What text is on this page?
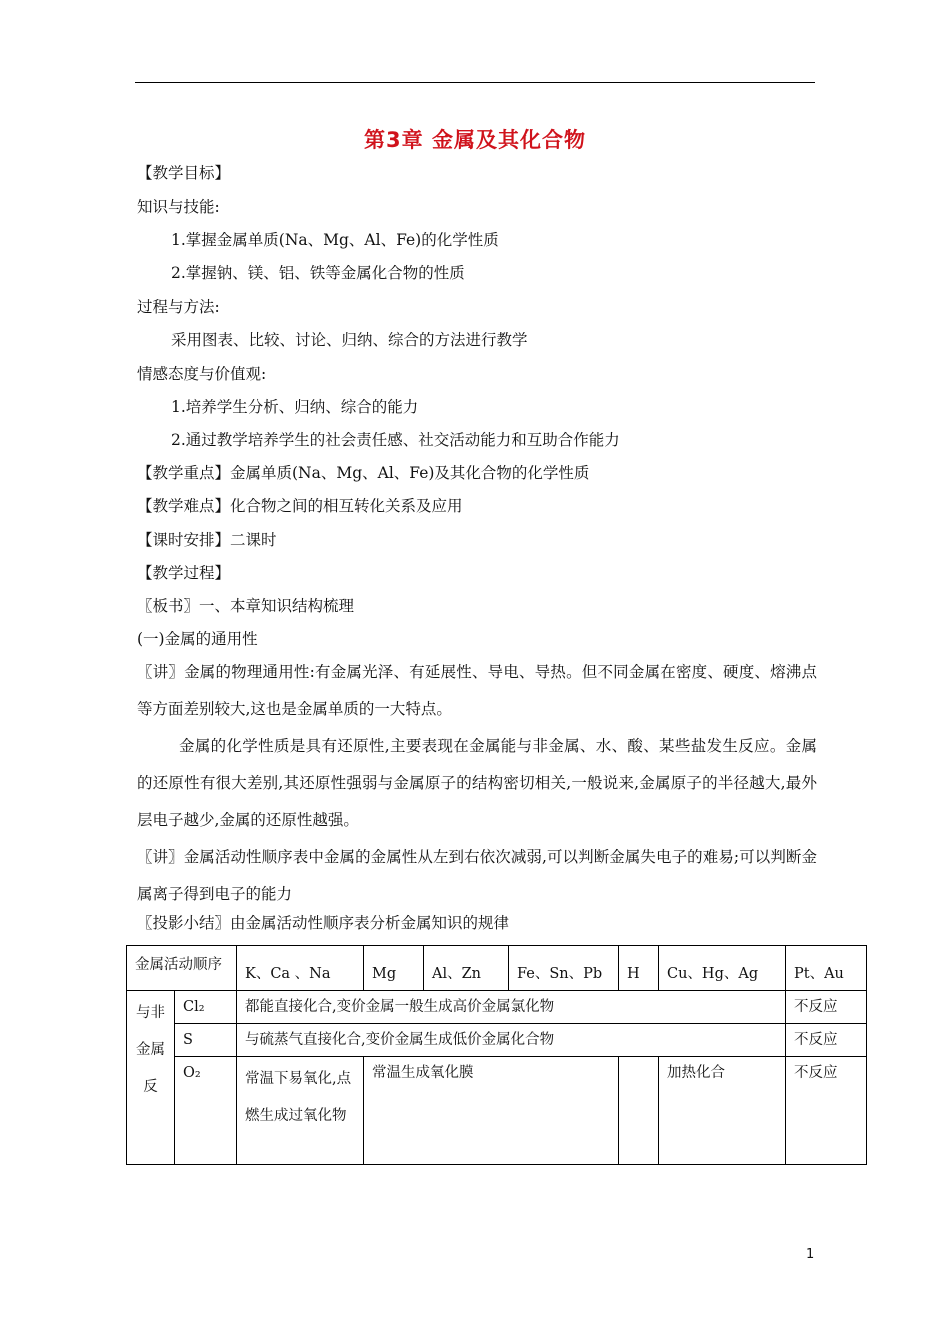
第3章 金属及其化合物
【教学目标】
知识与技能:
1.掌握金属单质(Na、Mg、Al、Fe)的化学性质
2.掌握钠、镁、铝、铁等金属化合物的性质
过程与方法:
采用图表、比较、讨论、归纳、综合的方法进行教学
情感态度与价值观:
1.培养学生分析、归纳、综合的能力
2.通过教学培养学生的社会责任感、社交活动能力和互助合作能力
【教学重点】金属单质(Na、Mg、Al、Fe)及其化合物的化学性质
【教学难点】化合物之间的相互转化关系及应用
【课时安排】二课时
【教学过程】
〖板书〗一、本章知识结构梳理
(一)金属的通用性
〖讲〗金属的物理通用性:有金属光泽、有延展性、导电、导热。但不同金属在密度、硬度、熔沸点等方面差别较大,这也是金属单质的一大特点。
金属的化学性质是具有还原性,主要表现在金属能与非金属、水、酸、某些盐发生反应。金属的还原性有很大差别,其还原性强弱与金属原子的结构密切相关,一般说来,金属原子的半径越大,最外层电子越少,金属的还原性越强。
〖讲〗金属活动性顺序表中金属的金属性从左到右依次减弱,可以判断金属失电子的难易;可以判断金属离子得到电子的能力
〖投影小结〗由金属活动性顺序表分析金属知识的规律
金属活动顺序		K、Ca 、Na	Mg	Al、Zn	Fe、Sn、Pb	H	Cu、Hg、Ag	Pt、Au
与非金属反	Cl₂	都能直接化合,变价金属一般生成高价金属氯化物						不反应
	S	与硫蒸气直接化合,变价金属生成低价金属化合物						不反应
	O₂	常温下易氧化,点燃生成过氧化物	常温生成氧化膜				加热化合	不反应
1
